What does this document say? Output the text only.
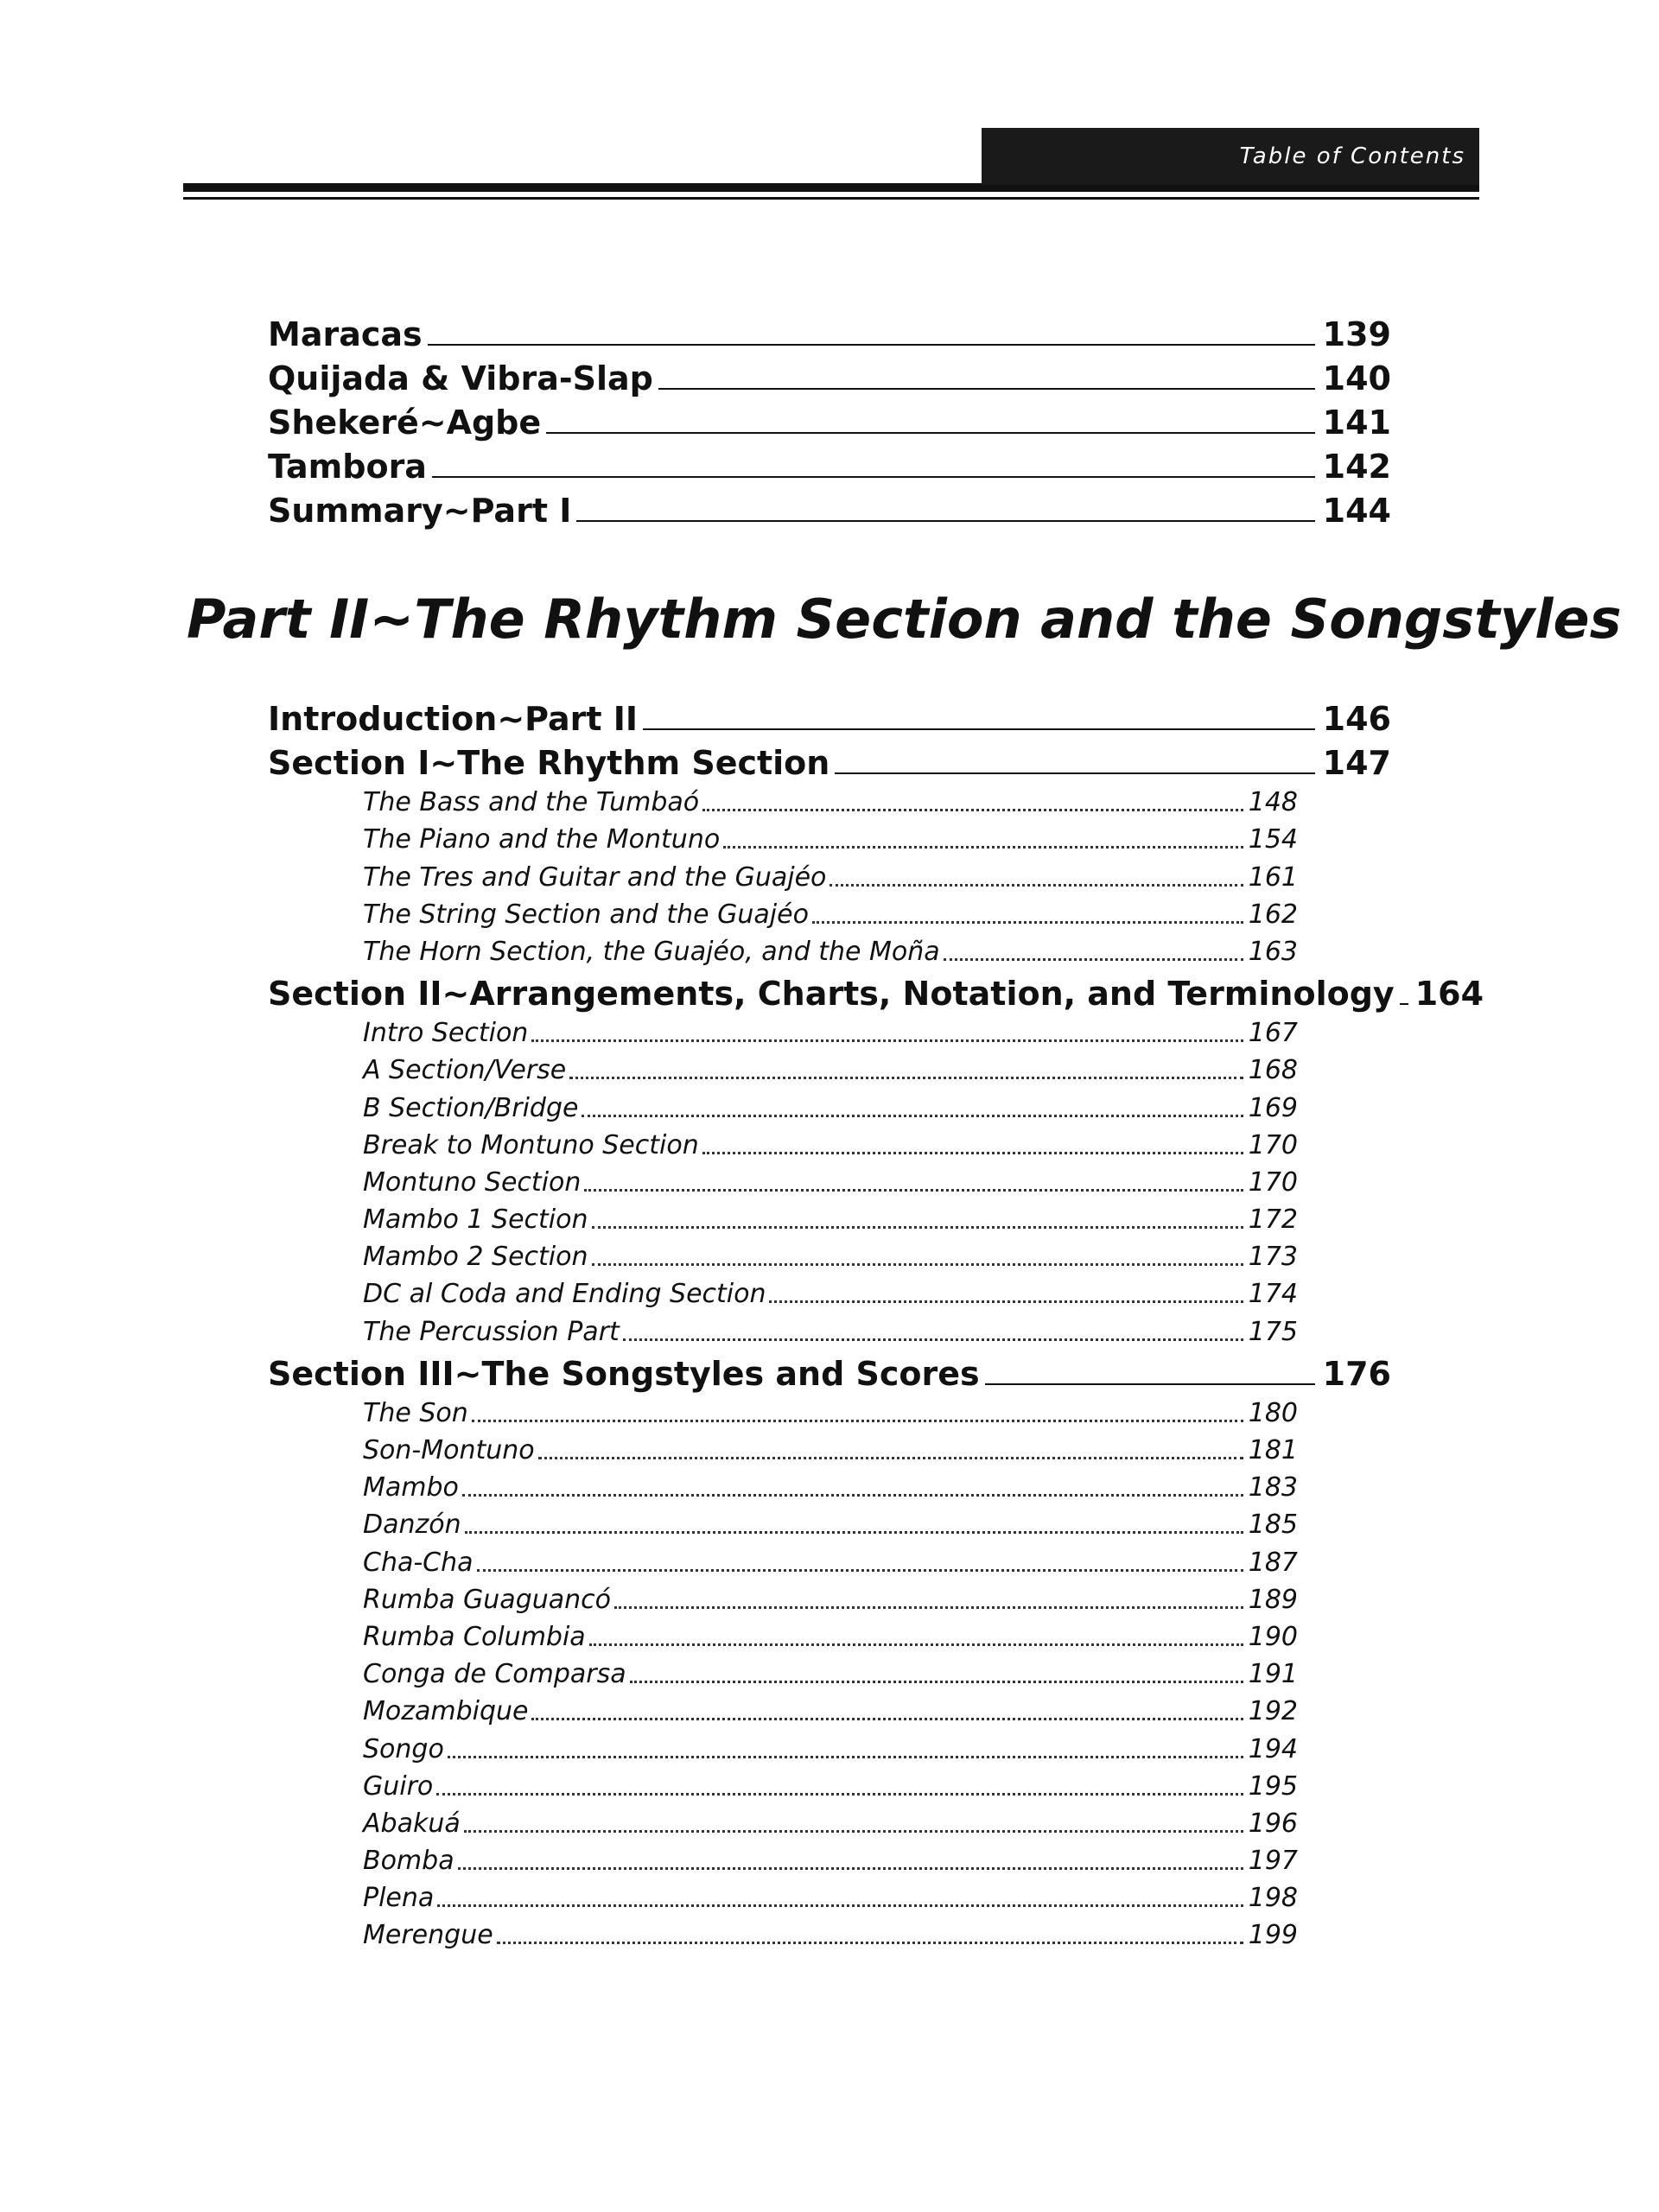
Table of Contents
Maracas	139
Quijada & Vibra-Slap	140
Shekeré~Agbe	141
Tambora	142
Summary~Part I	144
Part II~The Rhythm Section and the Songstyles
Introduction~Part II	146
Section I~The Rhythm Section	147
The Bass and the Tumbaó	148
The Piano and the Montuno	154
The Tres and Guitar and the Guajéo	161
The String Section and the Guajéo	162
The Horn Section, the Guajéo, and the Moña	163
Section II~Arrangements, Charts, Notation, and Terminology 164
Intro Section	167
A Section/Verse	168
B Section/Bridge	169
Break to Montuno Section	170
Montuno Section	170
Mambo 1 Section	172
Mambo 2 Section	173
DC al Coda and Ending Section	174
The Percussion Part	175
Section III~The Songstyles and Scores	176
The Son	180
Son-Montuno	181
Mambo	183
Danzón	185
Cha-Cha	187
Rumba Guaguancó	189
Rumba Columbia	190
Conga de Comparsa	191
Mozambique	192
Songo	194
Guiro	195
Abakuá	196
Bomba	197
Plena	198
Merengue	199
